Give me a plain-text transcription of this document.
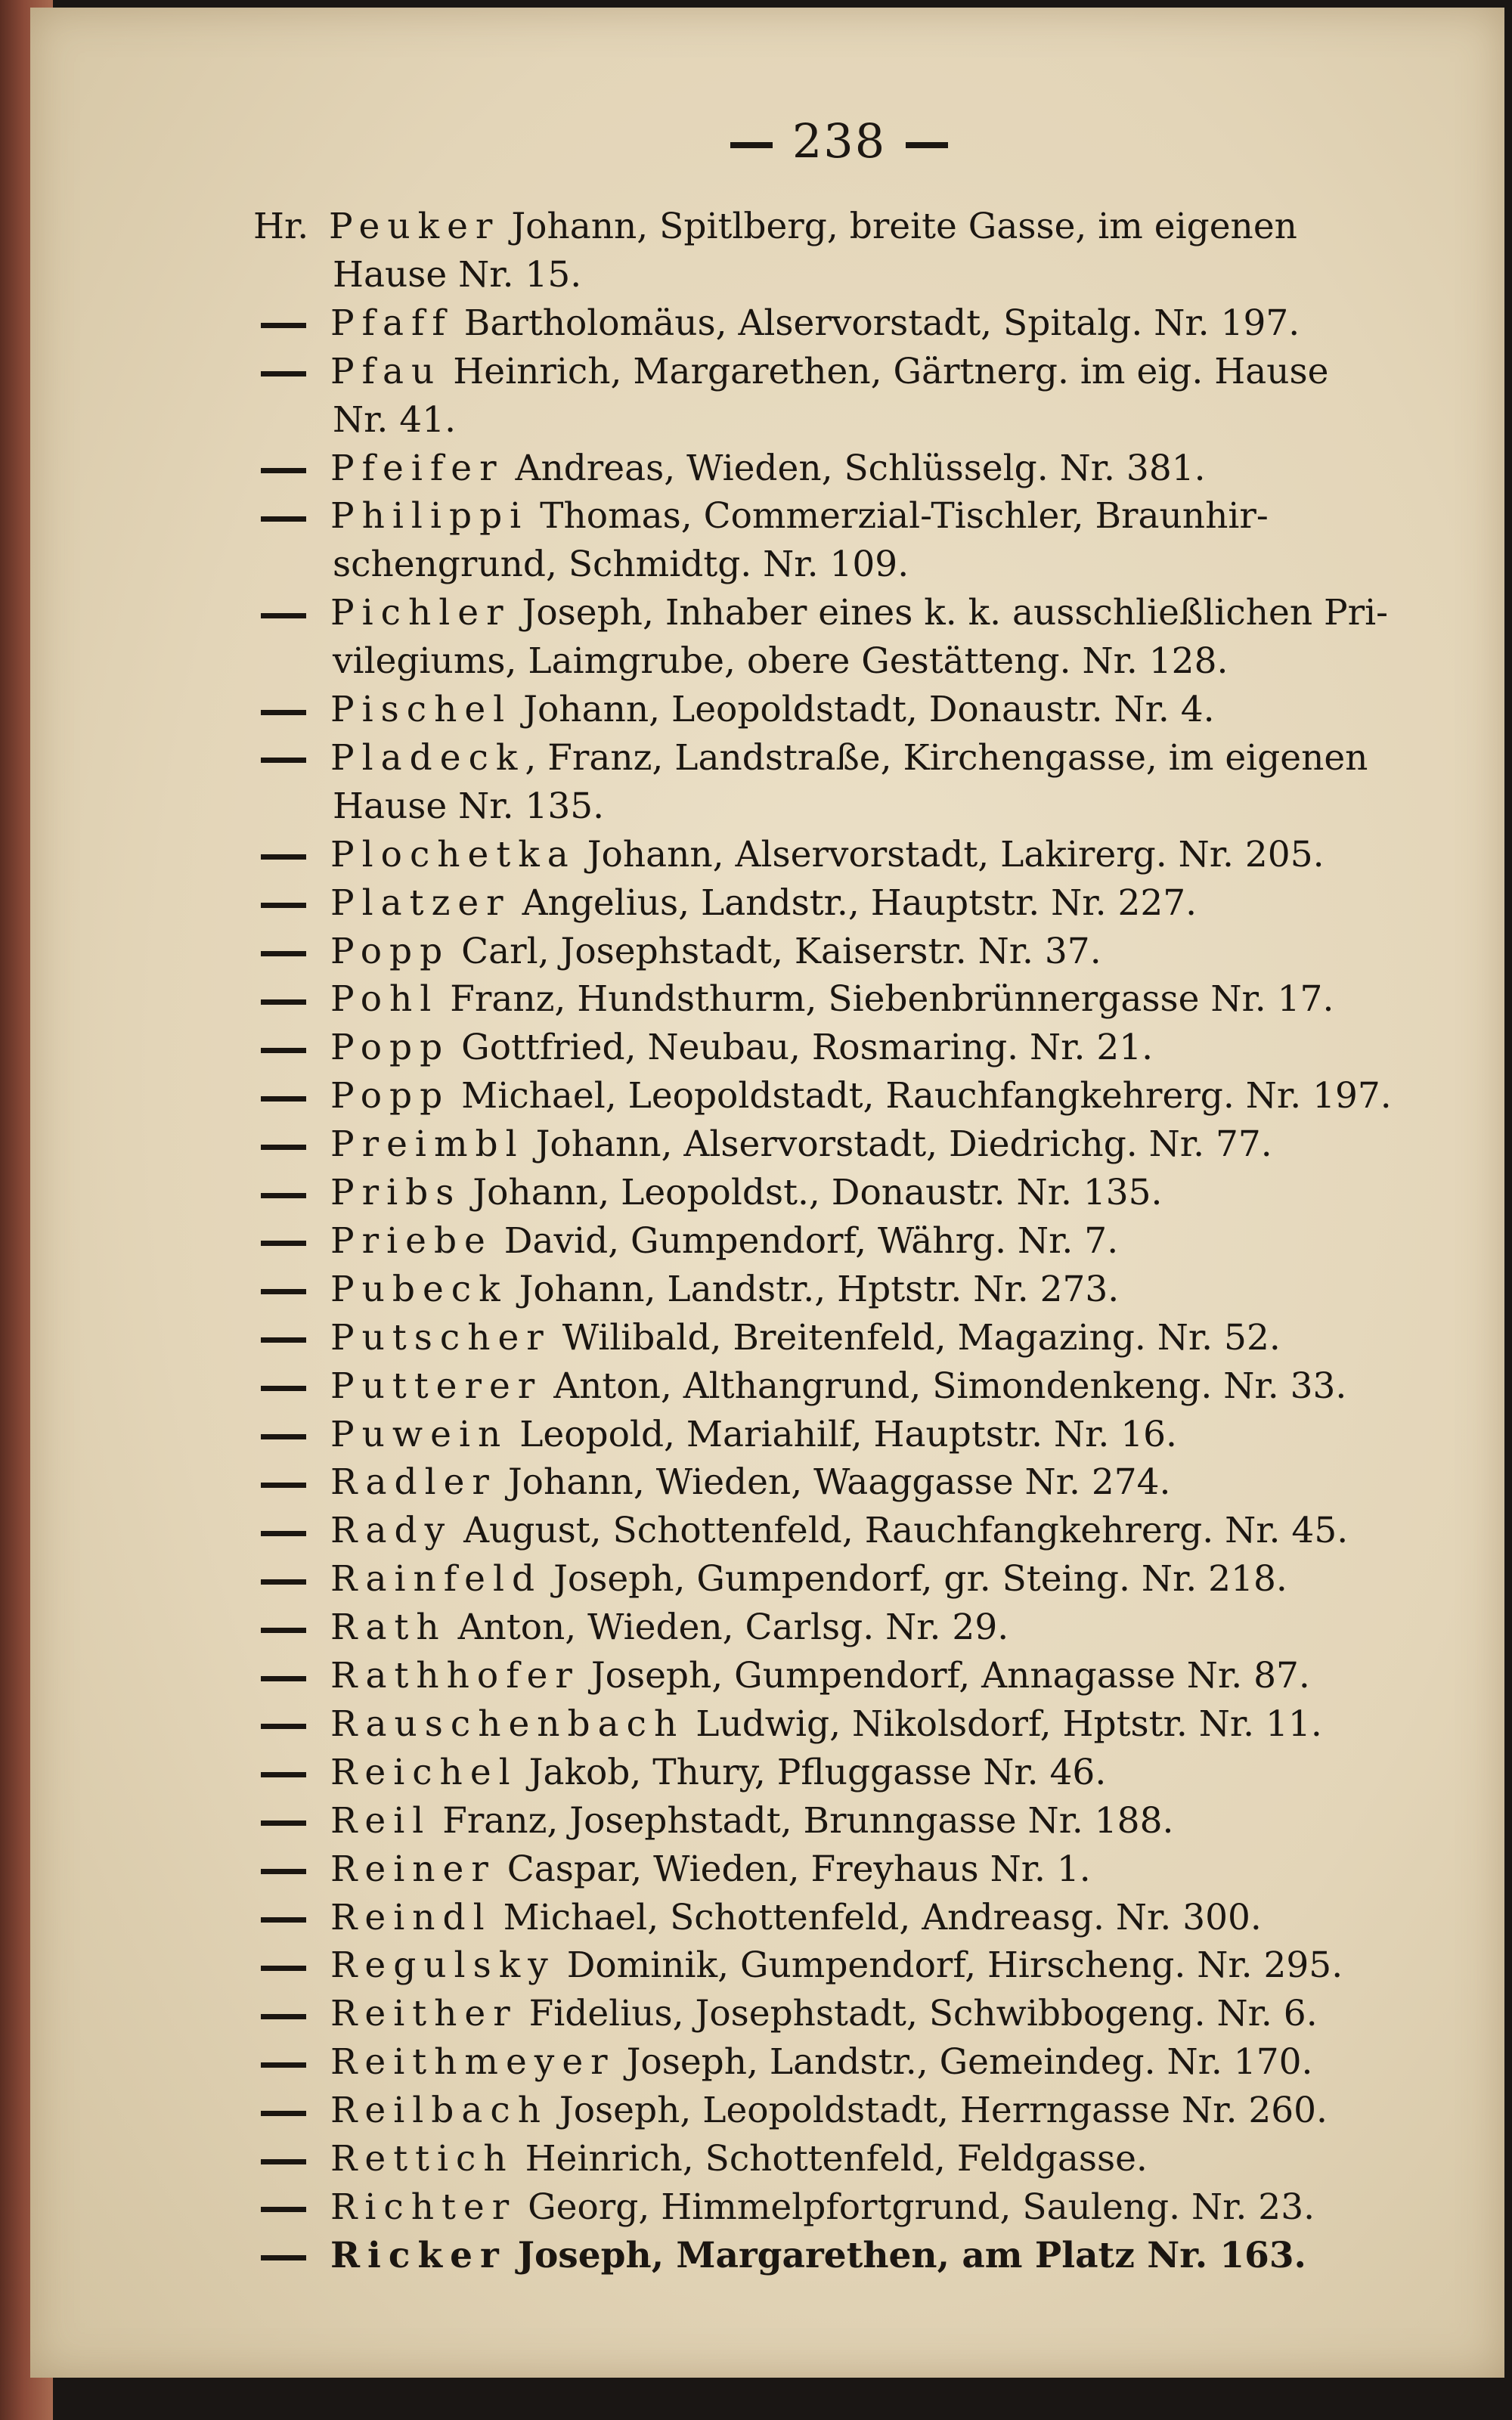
238
Hr. Peuker Johann, Spitlberg, breite Gasse, im eigenen
Hause Nr. 15.
Pfaff Bartholomäus, Alservorstadt, Spitalg. Nr. 197.
Pfau Heinrich, Margarethen, Gärtnerg. im eig. Hause
Nr. 41.
Pfeifer Andreas, Wieden, Schlüsselg. Nr. 381.
Philippi Thomas, Commerzial-Tischler, Braunhir-
schengrund, Schmidtg. Nr. 109.
Pichler Joseph, Inhaber eines k. k. ausschließlichen Pri-
vilegiums, Laimgrube, obere Gestätteng. Nr. 128.
Pischel Johann, Leopoldstadt, Donaustr. Nr. 4.
Pladeck, Franz, Landstraße, Kirchengasse, im eigenen
Hause Nr. 135.
Plochetka Johann, Alservorstadt, Lakirerg. Nr. 205.
Platzer Angelius, Landstr., Hauptstr. Nr. 227.
Popp Carl, Josephstadt, Kaiserstr. Nr. 37.
Pohl Franz, Hundsthurm, Siebenbrünnergasse Nr. 17.
Popp Gottfried, Neubau, Rosmaring. Nr. 21.
Popp Michael, Leopoldstadt, Rauchfangkehrerg. Nr. 197.
Preimbl Johann, Alservorstadt, Diedrichg. Nr. 77.
Pribs Johann, Leopoldst., Donaustr. Nr. 135.
Priebe David, Gumpendorf, Währg. Nr. 7.
Pubeck Johann, Landstr., Hptstr. Nr. 273.
Putscher Wilibald, Breitenfeld, Magazing. Nr. 52.
Putterer Anton, Althangrund, Simondenkeng. Nr. 33.
Puwein Leopold, Mariahilf, Hauptstr. Nr. 16.
Radler Johann, Wieden, Waaggasse Nr. 274.
Rady August, Schottenfeld, Rauchfangkehrerg. Nr. 45.
Rainfeld Joseph, Gumpendorf, gr. Steing. Nr. 218.
Rath Anton, Wieden, Carlsg. Nr. 29.
Rathhofer Joseph, Gumpendorf, Annagasse Nr. 87.
Rauschenbach Ludwig, Nikolsdorf, Hptstr. Nr. 11.
Reichel Jakob, Thury, Pfluggasse Nr. 46.
Reil Franz, Josephstadt, Brunngasse Nr. 188.
Reiner Caspar, Wieden, Freyhaus Nr. 1.
Reindl Michael, Schottenfeld, Andreasg. Nr. 300.
Regulsky Dominik, Gumpendorf, Hirscheng. Nr. 295.
Reither Fidelius, Josephstadt, Schwibbogeng. Nr. 6.
Reithmeyer Joseph, Landstr., Gemeindeg. Nr. 170.
Reilbach Joseph, Leopoldstadt, Herrngasse Nr. 260.
Rettich Heinrich, Schottenfeld, Feldgasse.
Richter Georg, Himmelpfortgrund, Sauleng. Nr. 23.
Ricker Joseph, Margarethen, am Platz Nr. 163.
